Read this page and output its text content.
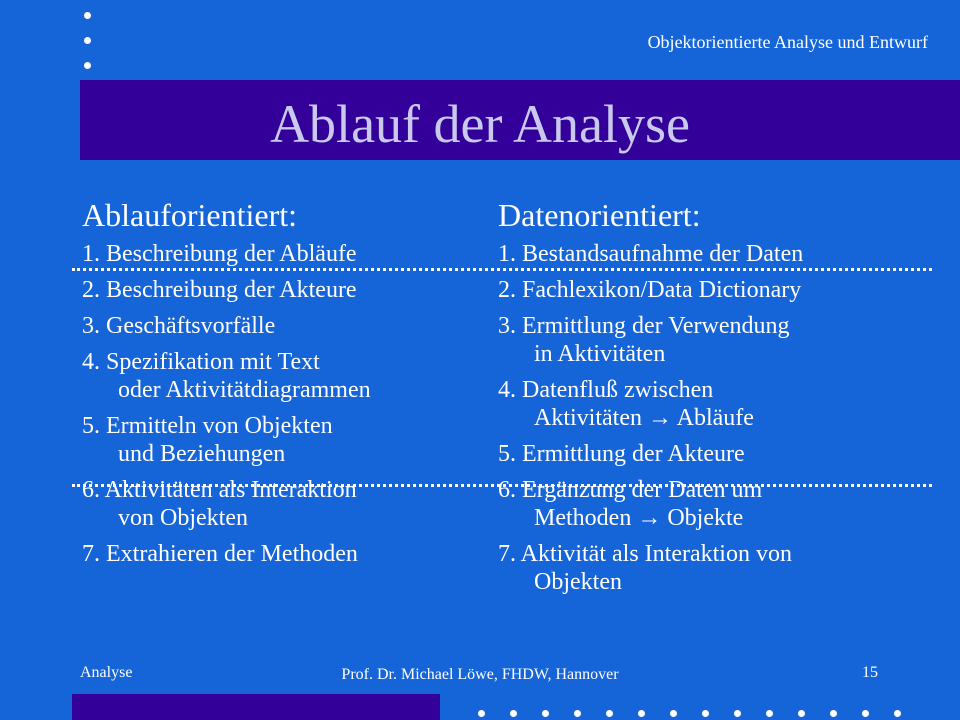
Objektorientierte Analyse und Entwurf
Ablauf der Analyse
Ablauforientiert:
1. Beschreibung der Abläufe
2. Beschreibung der Akteure
3. Geschäftsvorfälle
4. Spezifikation mit Text
oder Aktivitätdiagrammen
5. Ermitteln von Objekten
und Beziehungen
6. Aktivitäten als Interaktion
von Objekten
7. Extrahieren der Methoden
Datenorientiert:
1. Bestandsaufnahme der Daten
2. Fachlexikon/Data Dictionary
3. Ermittlung der Verwendung
in Aktivitäten
4. Datenfluß zwischen
Aktivitäten → Abläufe
5. Ermittlung der Akteure
6. Ergänzung der Daten um
Methoden → Objekte
7. Aktivität als Interaktion von
Objekten
Analyse	Prof. Dr. Michael Löwe, FHDW, Hannover	15
